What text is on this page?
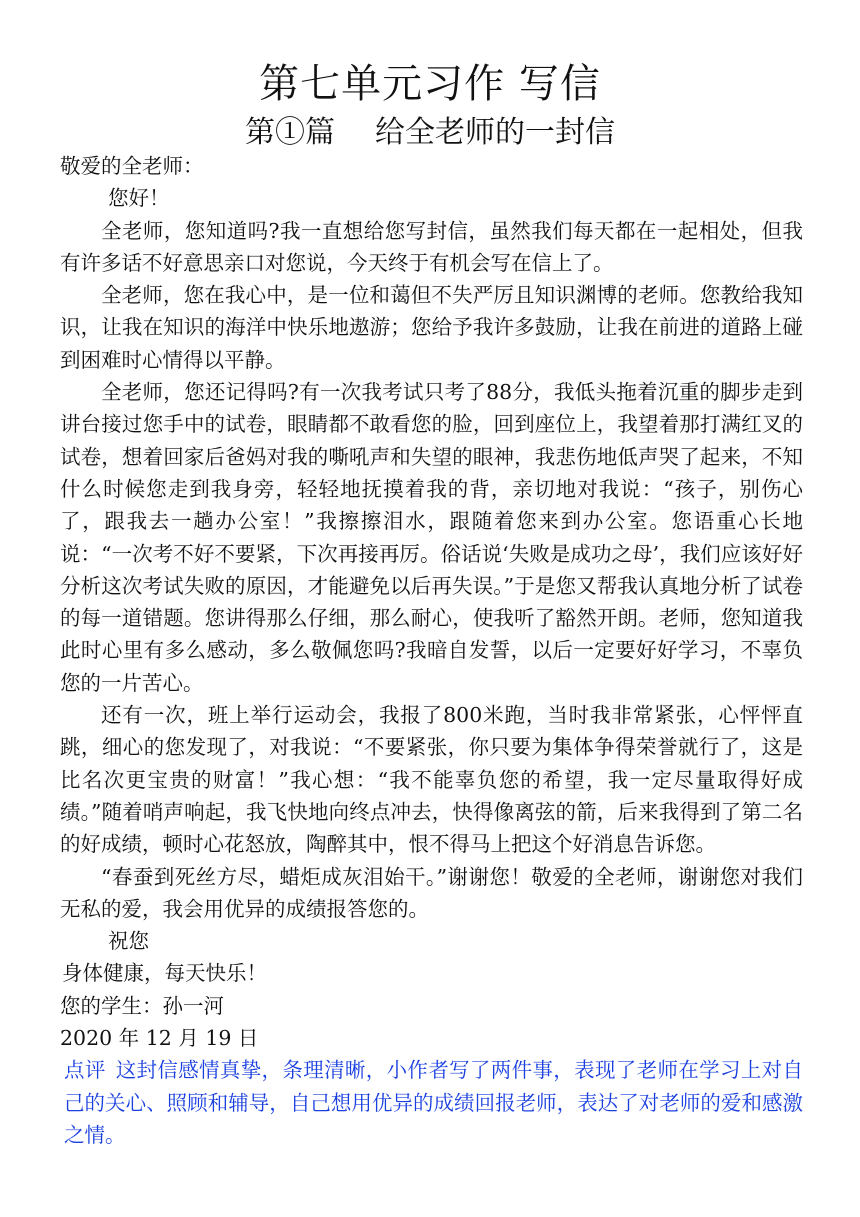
第七单元习作 写信
第①篇 给全老师的一封信

敬爱的全老师：

您好！

全老师，您知道吗?我一直想给您写封信，虽然我们每天都在一起相处，但我有许多话不好意思亲口对您说，今天终于有机会写在信上了。

全老师，您在我心中，是一位和蔼但不失严厉且知识渊博的老师。您教给我知识，让我在知识的海洋中快乐地遨游；您给予我许多鼓励，让我在前进的道路上碰到困难时心情得以平静。

全老师，您还记得吗?有一次我考试只考了88分，我低头拖着沉重的脚步走到讲台接过您手中的试卷，眼睛都不敢看您的脸，回到座位上，我望着那打满红叉的试卷，想着回家后爸妈对我的嘶吼声和失望的眼神，我悲伤地低声哭了起来，不知什么时候您走到我身旁，轻轻地抚摸着我的背，亲切地对我说：“孩子，别伤心了，跟我去一趟办公室！”我擦擦泪水，跟随着您来到办公室。您语重心长地说：“一次考不好不要紧，下次再接再厉。俗话说‘失败是成功之母’，我们应该好好分析这次考试失败的原因，才能避免以后再失误。”于是您又帮我认真地分析了试卷的每一道错题。您讲得那么仔细，那么耐心，使我听了豁然开朗。老师，您知道我此时心里有多么感动，多么敬佩您吗?我暗自发誓，以后一定要好好学习，不辜负您的一片苦心。

还有一次，班上举行运动会，我报了800米跑，当时我非常紧张，心怦怦直跳，细心的您发现了，对我说：“不要紧张，你只要为集体争得荣誉就行了，这是比名次更宝贵的财富！”我心想：“我不能辜负您的希望，我一定尽量取得好成绩。”随着哨声响起，我飞快地向终点冲去，快得像离弦的箭，后来我得到了第二名的好成绩，顿时心花怒放，陶醉其中，恨不得马上把这个好消息告诉您。

“春蚕到死丝方尽，蜡炬成灰泪始干。”谢谢您！敬爱的全老师，谢谢您对我们无私的爱，我会用优异的成绩报答您的。

祝您

身体健康，每天快乐！

您的学生：孙一河

2020 年 12 月 19 日

点评 这封信感情真挚，条理清晰，小作者写了两件事，表现了老师在学习上对自己的关心、照顾和辅导，自己想用优异的成绩回报老师，表达了对老师的爱和感激之情。
